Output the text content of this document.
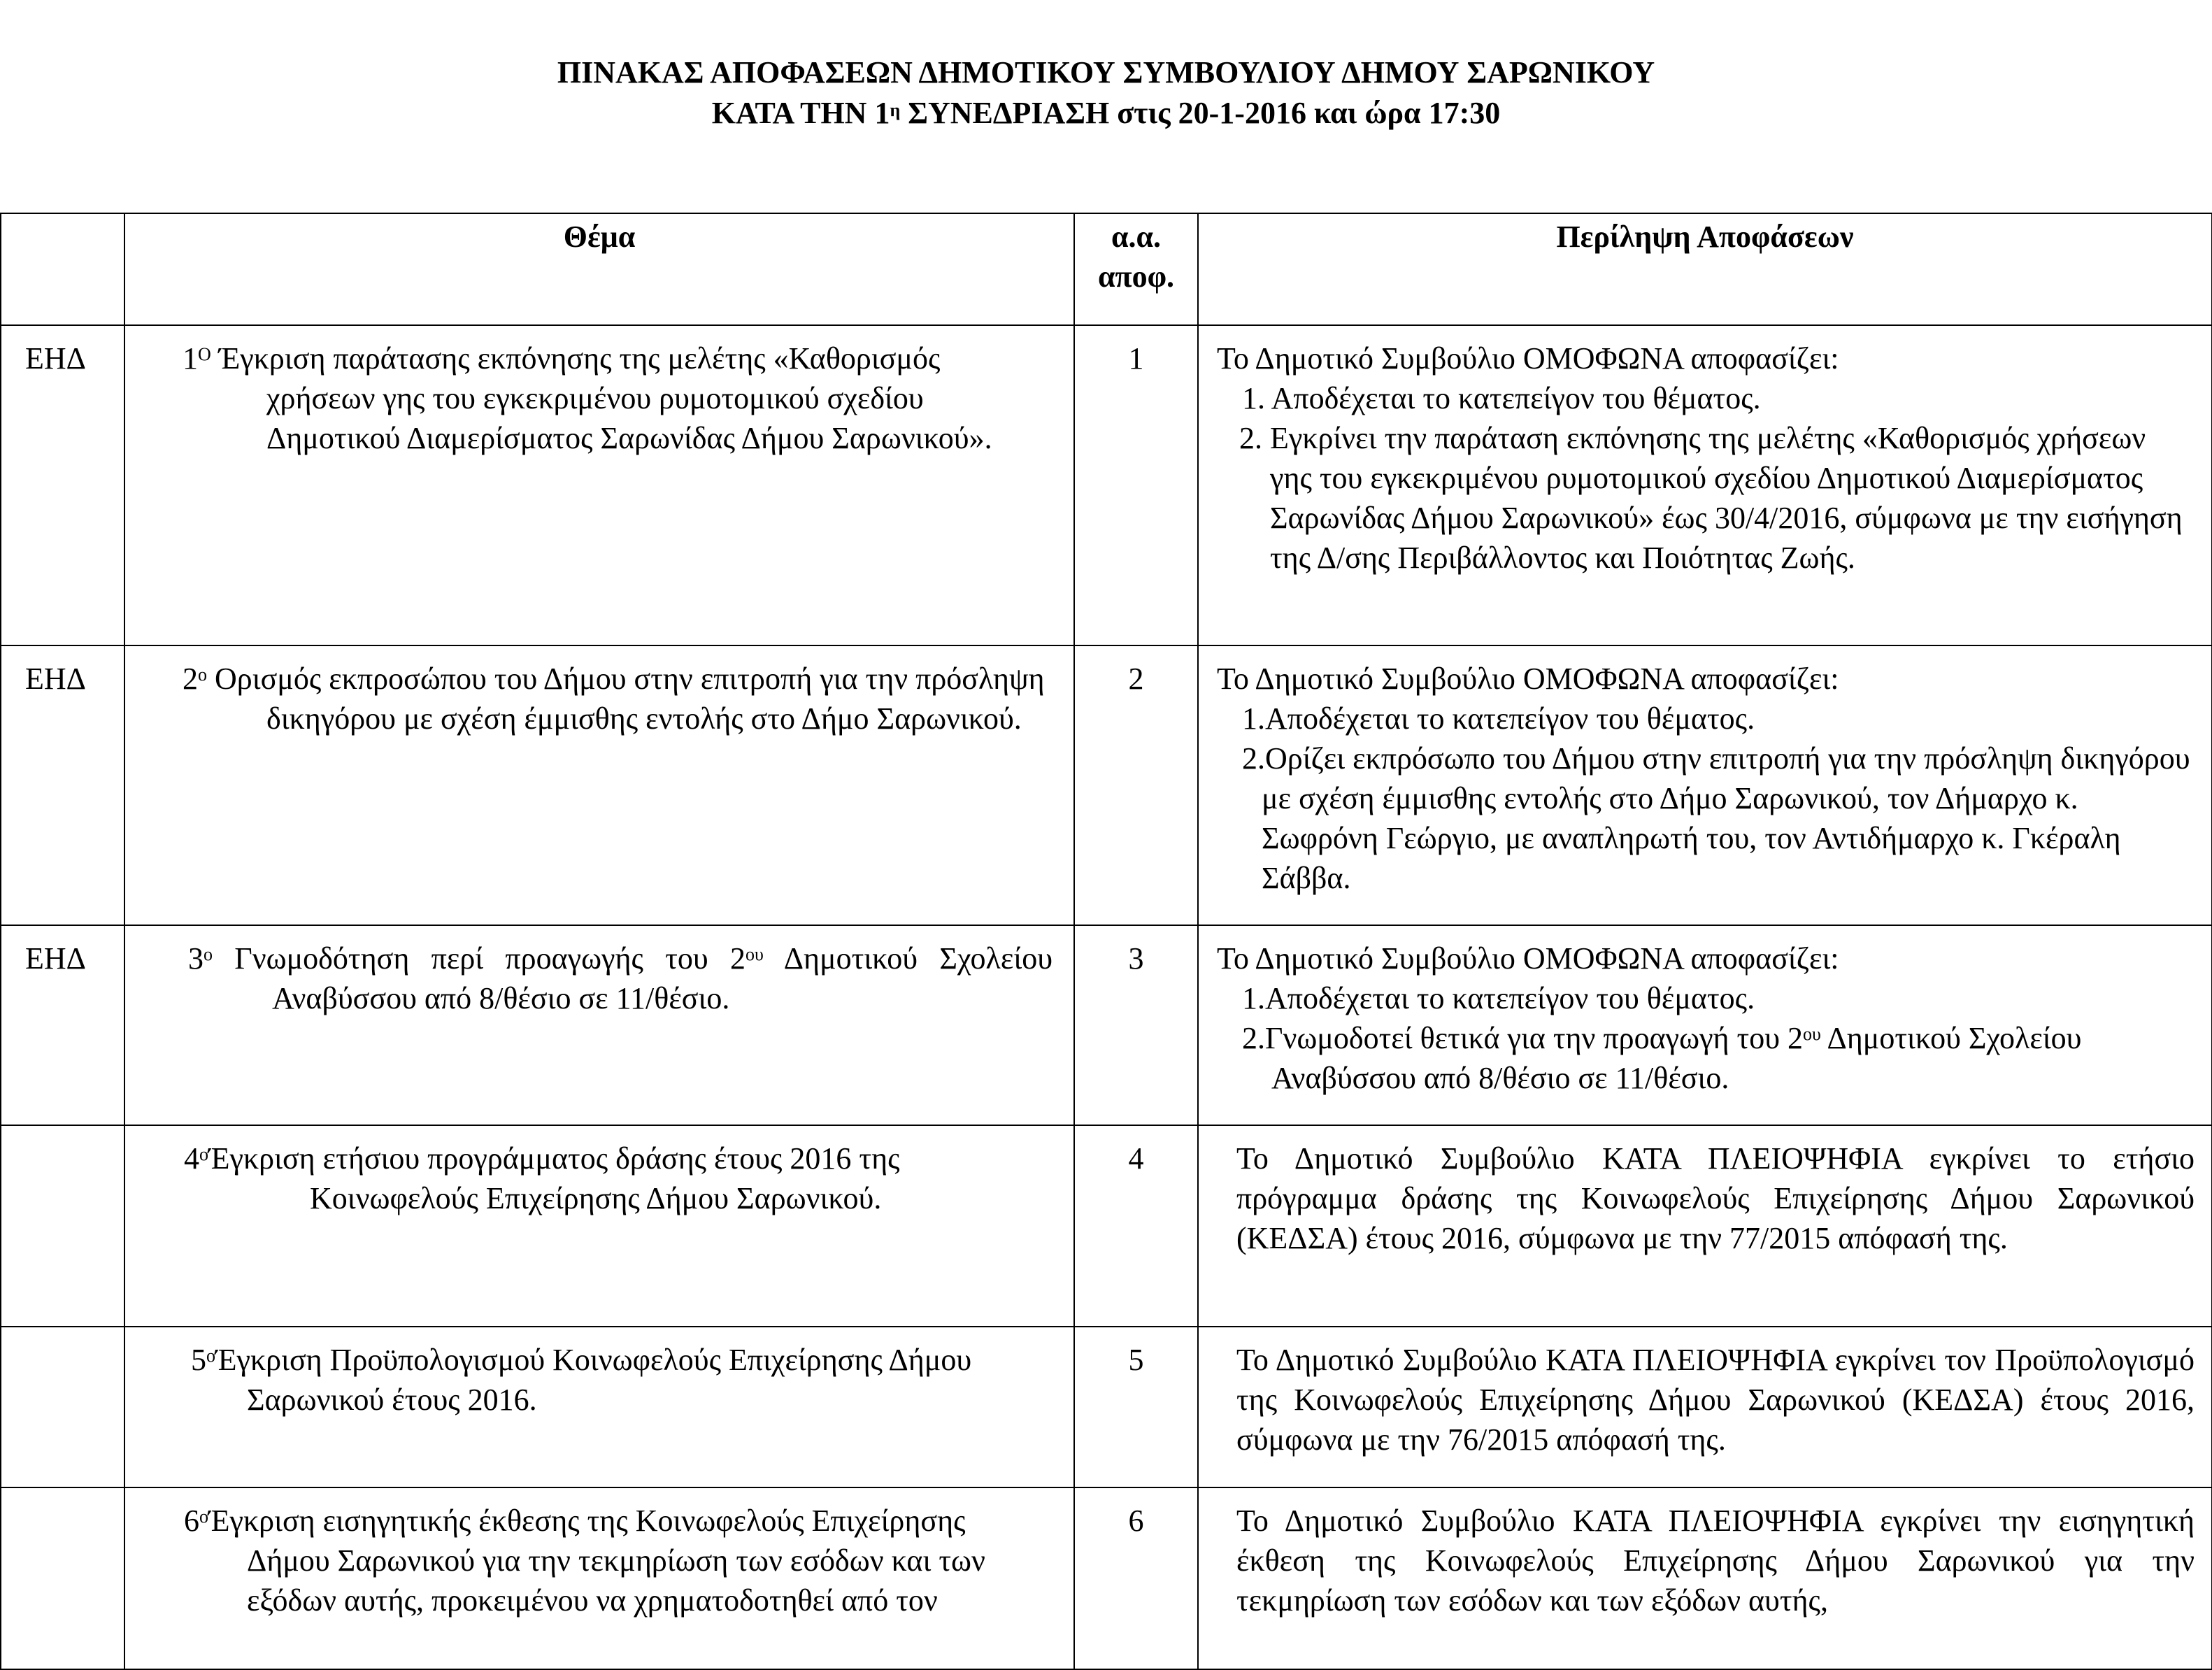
ΠΙΝΑΚΑΣ ΑΠΟΦΑΣΕΩΝ ΔΗΜΟΤΙΚΟΥ ΣΥΜΒΟΥΛΙΟΥ ΔΗΜΟΥ ΣΑΡΩΝΙΚΟΥ
ΚΑΤΑ ΤΗΝ $1^\eta$ ΣΥΝΕΔΡΙΑΣΗ στις 20-1-2016 και ώρα 17:30

	Θέμα	α.α. αποφ.	Περίληψη Αποφάσεων

ΕΗΔ	$1^O$ Έγκριση παράτασης εκπόνησης της μελέτης «Καθορισμός χρήσεων γης του εγκεκριμένου ρυμοτομικού σχεδίου Δημοτικού Διαμερίσματος Σαρωνίδας Δήμου Σαρωνικού».	1	Το Δημοτικό Συμβούλιο ΟΜΟΦΩΝΑ αποφασίζει:
1. Αποδέχεται το κατεπείγον του θέματος.
2. Εγκρίνει την παράταση εκπόνησης της μελέτης «Καθορισμός χρήσεων γης του εγκεκριμένου ρυμοτομικού σχεδίου Δημοτικού Διαμερίσματος Σαρωνίδας Δήμου Σαρωνικού» έως 30/4/2016, σύμφωνα με την εισήγηση της Δ/σης Περιβάλλοντος και Ποιότητας Ζωής.

ΕΗΔ	$2^o$ Ορισμός εκπροσώπου του Δήμου στην επιτροπή για την πρόσληψη δικηγόρου με σχέση έμμισθης εντολής στο Δήμο Σαρωνικού.	2	Το Δημοτικό Συμβούλιο ΟΜΟΦΩΝΑ αποφασίζει:
1.Αποδέχεται το κατεπείγον του θέματος.
2.Ορίζει εκπρόσωπο του Δήμου στην επιτροπή για την πρόσληψη δικηγόρου με σχέση έμμισθης εντολής στο Δήμο Σαρωνικού, τον Δήμαρχο κ. Σωφρόνη Γεώργιο, με αναπληρωτή του, τον Αντιδήμαρχο κ. Γκέραλη Σάββα.

ΕΗΔ	$3^o$ Γνωμοδότηση περί προαγωγής του $2^{o\upsilon}$ Δημοτικού Σχολείου Αναβύσσου από 8/θέσιο σε 11/θέσιο.	3	Το Δημοτικό Συμβούλιο ΟΜΟΦΩΝΑ αποφασίζει:
1.Αποδέχεται το κατεπείγον του θέματος.
2.Γνωμοδοτεί θετικά για την προαγωγή του $2^{o\upsilon}$ Δημοτικού Σχολείου Αναβύσσου από 8/θέσιο σε 11/θέσιο.

	$4^oΈ\gamma\kappa\rho\iota\sigma\eta$ ετήσιου προγράμματος δράσης έτους 2016 της Κοινωφελούς Επιχείρησης Δήμου Σαρωνικού.	4	Το Δημοτικό Συμβούλιο ΚΑΤΑ ΠΛΕΙΟΨΗΦΙΑ εγκρίνει το ετήσιο πρόγραμμα δράσης της Κοινωφελούς Επιχείρησης Δήμου Σαρωνικού (ΚΕΔΣΑ) έτους 2016, σύμφωνα με την 77/2015 απόφασή της.

	$5^oΈ\gamma\kappa\rho\iota\sigma\eta$ Προϋπολογισμού Κοινωφελούς Επιχείρησης Δήμου Σαρωνικού έτους 2016.	5	Το Δημοτικό Συμβούλιο ΚΑΤΑ ΠΛΕΙΟΨΗΦΙΑ εγκρίνει τον Προϋπολογισμό της Κοινωφελούς Επιχείρησης Δήμου Σαρωνικού (ΚΕΔΣΑ) έτους 2016, σύμφωνα με την 76/2015 απόφασή της.

	$6^oΈ\gamma\kappa\rho\iota\sigma\eta$ εισηγητικής έκθεσης της Κοινωφελούς Επιχείρησης Δήμου Σαρωνικού για την τεκμηρίωση των εσόδων και των εξόδων αυτής, προκειμένου να χρηματοδοτηθεί από τον	6	Το Δημοτικό Συμβούλιο ΚΑΤΑ ΠΛΕΙΟΨΗΦΙΑ εγκρίνει την εισηγητική έκθεση της Κοινωφελούς Επιχείρησης Δήμου Σαρωνικού για την τεκμηρίωση των εσόδων και των εξόδων αυτής,
